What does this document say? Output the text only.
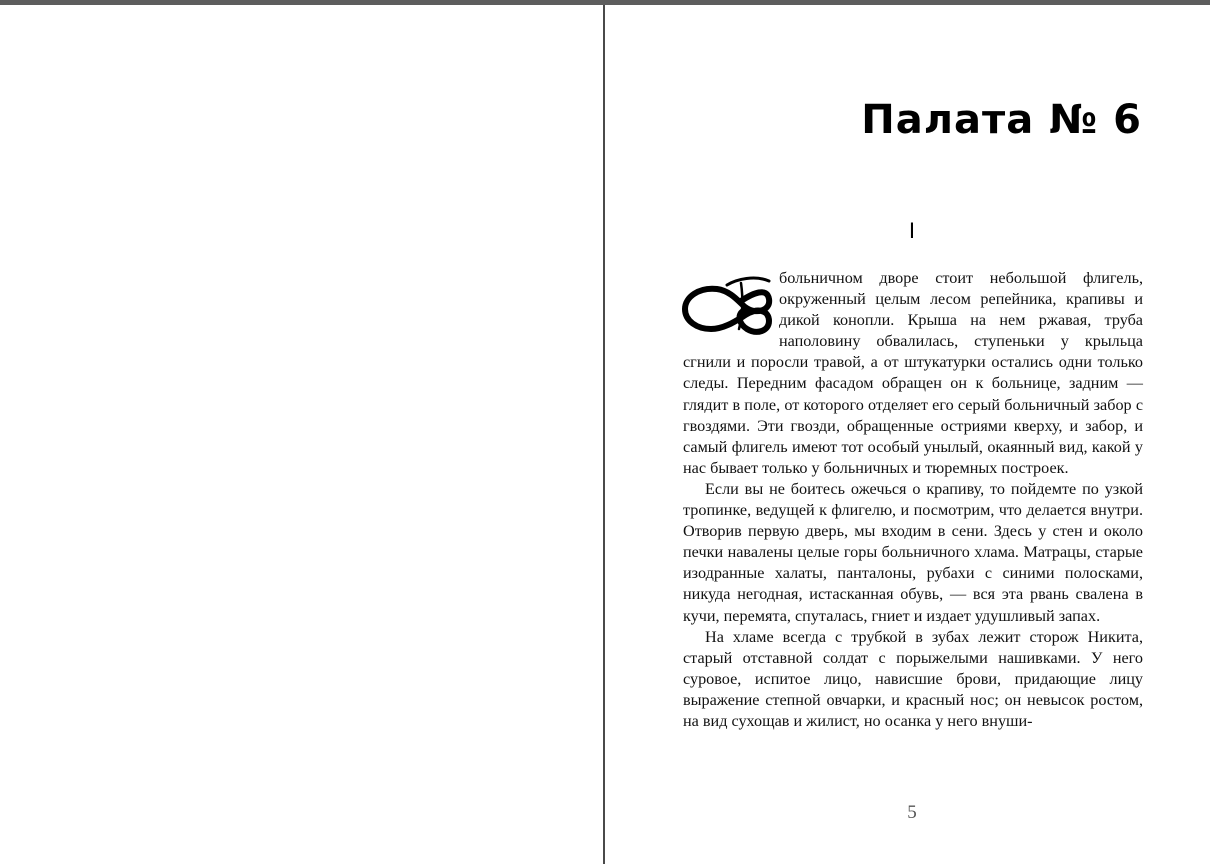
Палата № 6
I

больничном дворе стоит небольшой флигель, окруженный целым лесом репейника, крапивы и дикой конопли. Крыша на нем ржавая, труба наполовину обвалилась, ступеньки у крыльца сгнили и поросли травой, а от штукатурки остались одни только следы. Передним фасадом обращен он к больнице, задним — глядит в поле, от которого отделяет его серый больничный забор с гвоздями. Эти гвозди, обращенные остриями кверху, и забор, и самый флигель имеют тот особый унылый, окаянный вид, какой у нас бывает только у больничных и тюремных построек.

Если вы не боитесь ожечься о крапиву, то пойдемте по узкой тропинке, ведущей к флигелю, и посмотрим, что делается внутри. Отворив первую дверь, мы входим в сени. Здесь у стен и около печки навалены целые горы больничного хлама. Матрацы, старые изодранные халаты, панталоны, рубахи с синими полосками, никуда негодная, истасканная обувь, — вся эта рвань свалена в кучи, перемята, спуталась, гниет и издает удушливый запах.

На хламе всегда с трубкой в зубах лежит сторож Никита, старый отставной солдат с порыжелыми нашивками. У него суровое, испитое лицо, нависшие брови, придающие лицу выражение степной овчарки, и красный нос; он невысок ростом, на вид сухощав и жилист, но осанка у него внуши-

5
